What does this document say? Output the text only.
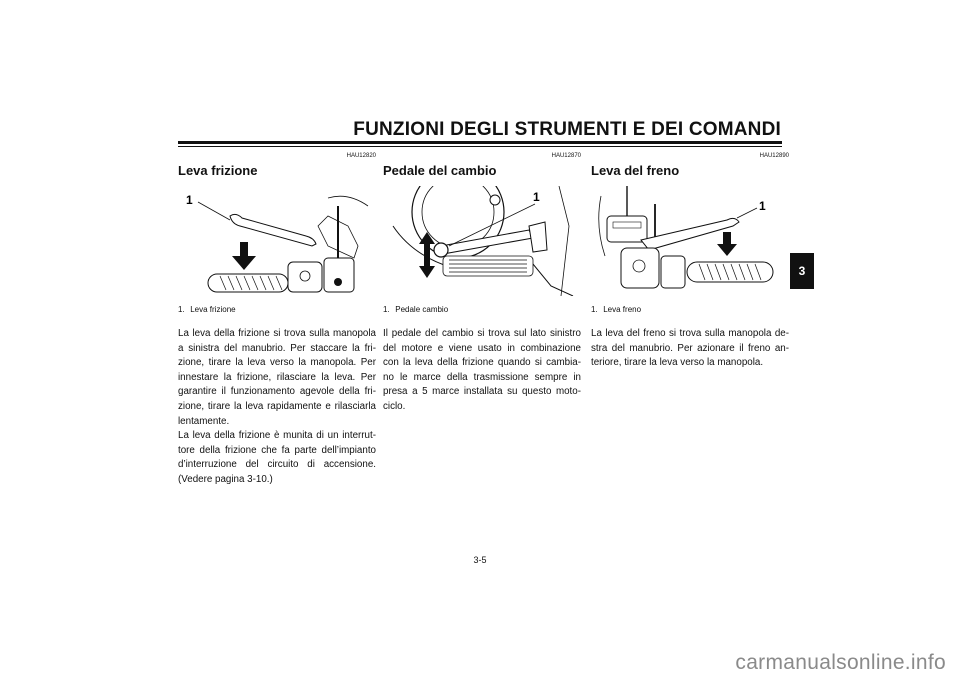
FUNZIONI DEGLI STRUMENTI E DEI COMANDI
3
HAU12820
Leva frizione
1
1. Leva frizione
La leva della frizione si trova sulla manopola a sinistra del manubrio. Per staccare la fri-zione, tirare la leva verso la manopola. Per innestare la frizione, rilasciare la leva. Per garantire il funzionamento agevole della fri-zione, tirare la leva rapidamente e rilasciarla lentamente.
La leva della frizione è munita di un interrut-tore della frizione che fa parte dell’impianto d’interruzione del circuito di accensione. (Vedere pagina 3-10.)
HAU12870
Pedale del cambio
1
1. Pedale cambio
Il pedale del cambio si trova sul lato sinistro del motore e viene usato in combinazione con la leva della frizione quando si cambia-no le marce della trasmissione sempre in presa a 5 marce installata su questo moto-ciclo.
HAU12890
Leva del freno
1
1. Leva freno
La leva del freno si trova sulla manopola de-stra del manubrio. Per azionare il freno an-teriore, tirare la leva verso la manopola.
3-5
carmanualsonline.info
